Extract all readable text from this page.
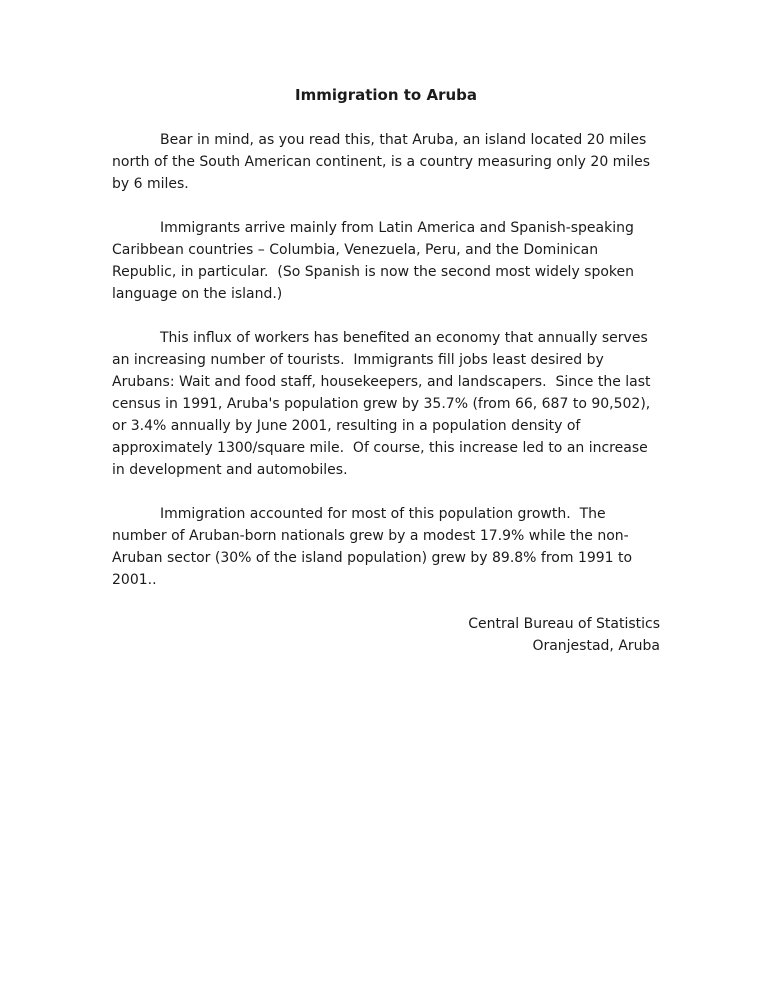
Immigration to Aruba

Bear in mind, as you read this, that Aruba, an island located 20 miles north of the South American continent, is a country measuring only 20 miles by 6 miles.

Immigrants arrive mainly from Latin America and Spanish-speaking Caribbean countries – Columbia, Venezuela, Peru, and the Dominican Republic, in particular.  (So Spanish is now the second most widely spoken language on the island.)

This influx of workers has benefited an economy that annually serves an increasing number of tourists.  Immigrants fill jobs least desired by Arubans: Wait and food staff, housekeepers, and landscapers.  Since the last census in 1991, Aruba's population grew by 35.7% (from 66, 687 to 90,502), or 3.4% annually by June 2001, resulting in a population density of approximately 1300/square mile.  Of course, this increase led to an increase in development and automobiles.

Immigration accounted for most of this population growth.  The number of Aruban-born nationals grew by a modest 17.9% while the non-Aruban sector (30% of the island population) grew by 89.8% from 1991 to 2001..

Central Bureau of Statistics
Oranjestad, Aruba
